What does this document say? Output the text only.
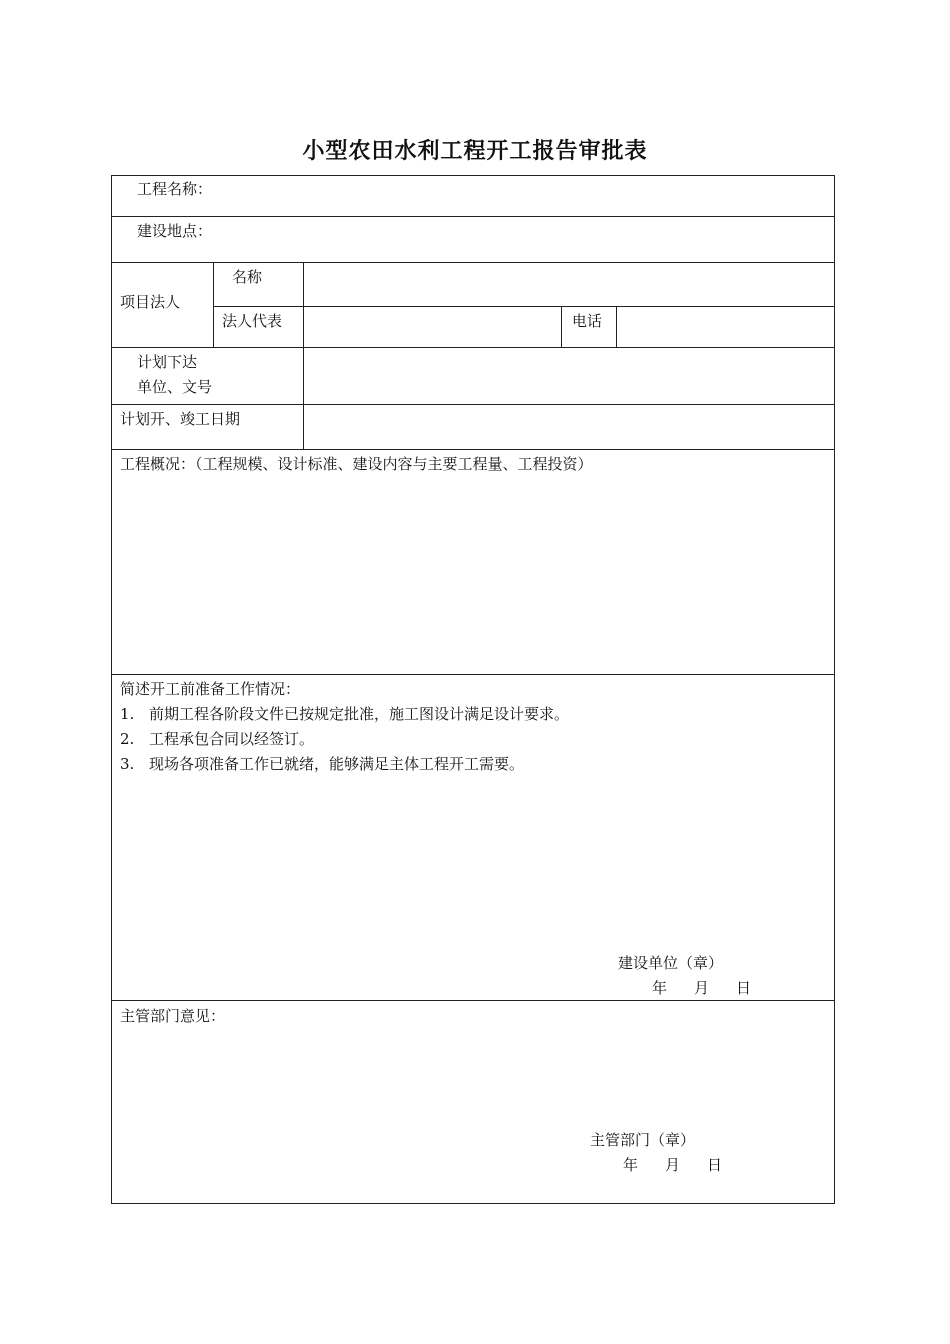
小型农田水利工程开工报告审批表
工程名称：
建设地点：
项目法人
名称
法人代表	电话
计划下达
单位、文号
计划开、竣工日期
工程概况：（工程规模、设计标准、建设内容与主要工程量、工程投资）
简述开工前准备工作情况：
1. 前期工程各阶段文件已按规定批准，施工图设计满足设计要求。
2. 工程承包合同以经签订。
3. 现场各项准备工作已就绪，能够满足主体工程开工需要。
建设单位（章）
年 月 日
主管部门意见：
主管部门（章）
年 月 日
